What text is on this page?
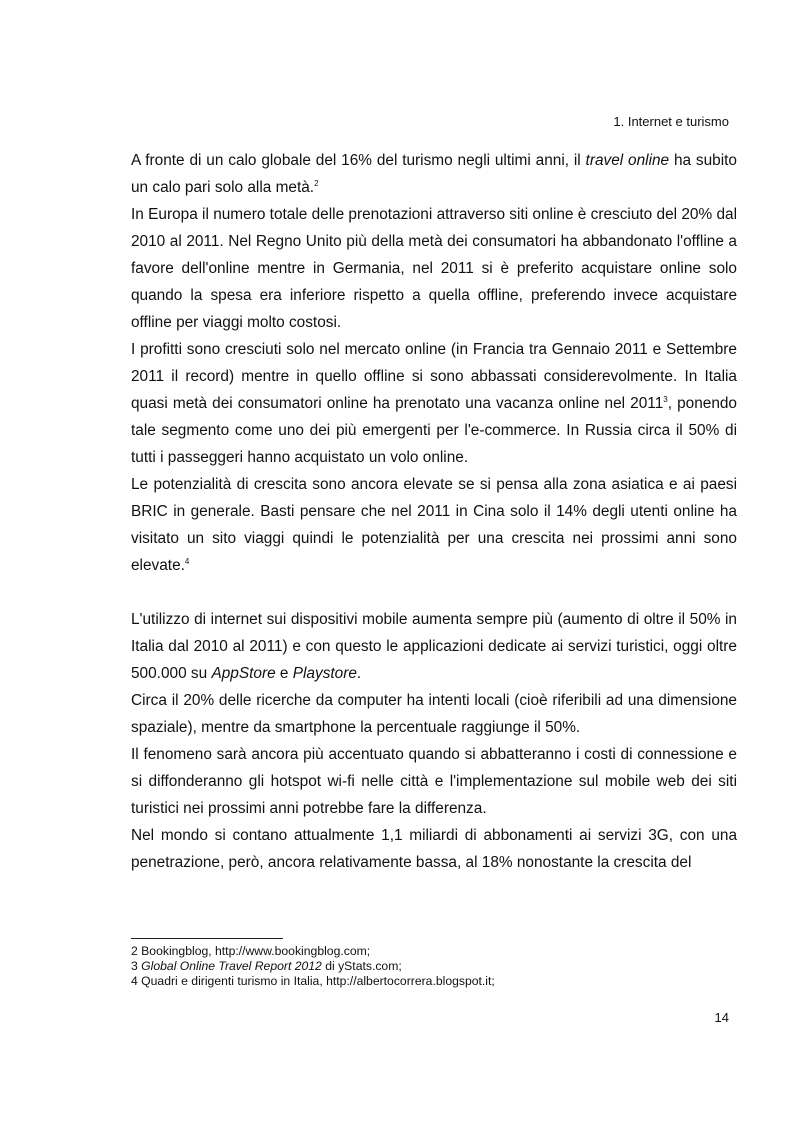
1. Internet e turismo

A fronte di un calo globale del 16% del turismo negli ultimi anni, il travel online ha subito un calo pari solo alla metà.$^2$

In Europa il numero totale delle prenotazioni attraverso siti online è cresciuto del 20% dal 2010 al 2011. Nel Regno Unito più della metà dei consumatori ha abbandonato l'offline a favore dell'online mentre in Germania, nel 2011 si è preferito acquistare online solo quando la spesa era inferiore rispetto a quella offline, preferendo invece acquistare offline per viaggi molto costosi.

I profitti sono cresciuti solo nel mercato online (in Francia tra Gennaio 2011 e Settembre 2011 il record) mentre in quello offline si sono abbassati considerevolmente. In Italia quasi metà dei consumatori online ha prenotato una vacanza online nel 2011$^3$, ponendo tale segmento come uno dei più emergenti per l'e-commerce. In Russia circa il 50% di tutti i passeggeri hanno acquistato un volo online.

Le potenzialità di crescita sono ancora elevate se si pensa alla zona asiatica e ai paesi BRIC in generale. Basti pensare che nel 2011 in Cina solo il 14% degli utenti online ha visitato un sito viaggi quindi le potenzialità per una crescita nei prossimi anni sono elevate.$^4$

L'utilizzo di internet sui dispositivi mobile aumenta sempre più (aumento di oltre il 50% in Italia dal 2010 al 2011) e con questo le applicazioni dedicate ai servizi turistici, oggi oltre 500.000 su AppStore e Playstore.

Circa il 20% delle ricerche da computer ha intenti locali (cioè riferibili ad una dimensione spaziale), mentre da smartphone la percentuale raggiunge il 50%.

Il fenomeno sarà ancora più accentuato quando si abbatteranno i costi di connessione e si diffonderanno gli hotspot wi-fi nelle città e l'implementazione sul mobile web dei siti turistici nei prossimi anni potrebbe fare la differenza.

Nel mondo si contano attualmente 1,1 miliardi di abbonamenti ai servizi 3G, con una penetrazione, però, ancora relativamente bassa, al 18% nonostante la crescita del

2 Bookingblog, http://www.bookingblog.com;
3 Global Online Travel Report 2012 di yStats.com;
4 Quadri e dirigenti turismo in Italia, http://albertocorrera.blogspot.it;
14
